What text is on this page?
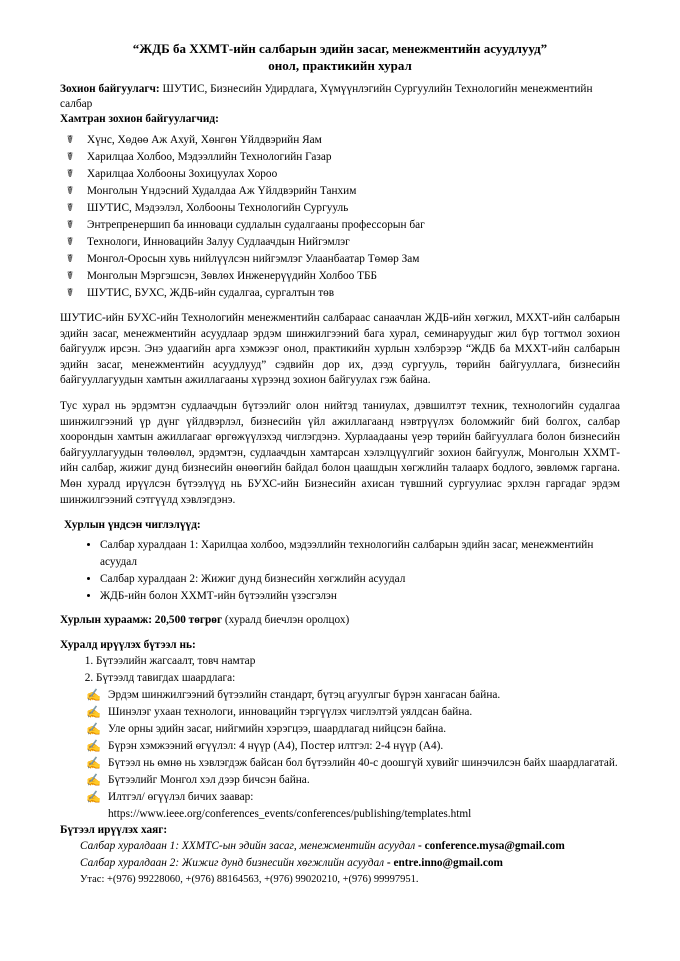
“ЖДБ ба ХХМТ-ийн салбарын эдийн засаг, менежментийн асуудлууд”
онол, практикийн хурал

Зохион байгуулагч: ШУТИС, Бизнесийн Удирдлага, Хүмүүнлэгийн Сургуулийн Технологийн менежментийн салбар

Хамтран зохион байгуулагчид:
☤	Хүнс, Хөдөө Аж Ахуй, Хөнгөн Үйлдвэрийн Яам
☤	Харилцаа Холбоо, Мэдээллийн Технологийн Газар
☤	Харилцаа Холбооны Зохицуулах Хороо
☤	Монголын Үндэсний Худалдаа Аж Үйлдвэрийн Танхим
☤	ШУТИС, Мэдээлэл, Холбооны Технологийн Сургууль
☤	Энтрепренершип ба инноваци судлалын судалгааны профессорын баг
☤	Технологи, Инновацийн Залуу Судлаачдын Нийгэмлэг
☤	Монгол-Оросын хувь нийлүүлсэн нийгэмлэг Улаанбаатар Төмөр Зам
☤	Монголын Мэргэшсэн, Зөвлөх Инженерүүдийн Холбоо ТББ
☤	ШУТИС, БУХС, ЖДБ-ийн судалгаа, сургалтын төв

ШУТИС-ийн БУХС-ийн Технологийн менежментийн салбараас санаачлан ЖДБ-ийн хөгжил, МХХТ-ийн салбарын эдийн засаг, менежментийн асуудлаар эрдэм шинжилгээний бага хурал, семинаруудыг жил бүр тогтмол зохион байгуулж ирсэн. Энэ удаагийн арга хэмжээг онол, практикийн хурлын хэлбэрээр “ЖДБ ба МХХТ-ийн салбарын эдийн засаг, менежментийн асуудлууд” сэдвийн дор их, дээд сургууль, төрийн байгууллага, бизнесийн байгууллагуудын хамтын ажиллагааны хүрээнд зохион байгуулах гэж байна.

Тус хурал нь эрдэмтэн судлаачдын бүтээлийг олон нийтэд таниулах, дэвшилтэт техник, технологийн судалгаа шинжилгээний үр дүнг үйлдвэрлэл, бизнесийн үйл ажиллагаанд нэвтрүүлэх боломжийг бий болгох, салбар хоорондын хамтын ажиллагааг өргөжүүлэхэд чиглэгдэнэ. Хурлаадааны үеэр төрийн байгууллага болон бизнесийн байгууллагуудын төлөөлөл, эрдэмтэн, судлаачдын хамтарсан хэлэлцүүлгийг зохион байгуулж, Монголын ХХМТ-ийн салбар, жижиг дунд бизнесийн өнөөгийн байдал болон цаашдын хөгжлийн талаарх бодлого, зөвлөмж гаргана. Мөн хуралд ирүүлсэн бүтээлүүд нь БУХС-ийн Бизнесийн ахисан түвшний сургуулиас эрхлэн гаргадаг эрдэм шинжилгээний сэтгүүлд хэвлэгдэнэ.

Хурлын үндсэн чиглэлүүд:
• Салбар хуралдаан 1: Харилцаа холбоо, мэдээллийн технологийн салбарын эдийн засаг, менежментийн асуудал
• Салбар хуралдаан 2: Жижиг дунд бизнесийн хөгжлийн асуудал
• ЖДБ-ийн болон ХХМТ-ийн бүтээлийн үзэсгэлэн

Хурлын хураамж: 20,500 төгрөг (хуралд биечлэн оролцох)

Хуралд ирүүлэх бүтээл нь:
1. Бүтээлийн жагсаалт, товч намтар
2. Бүтээлд тавигдах шаардлага:
✍ Эрдэм шинжилгээний бүтээлийн стандарт, бүтэц агуулгыг бүрэн хангасан байна.
✍ Шинэлэг ухаан технологи, инновацийн тэргүүлэх чиглэлтэй уялдсан байна.
✍ Уле орны эдийн засаг, нийгмийн хэрэгцээ, шаардлагад нийцсэн байна.
✍ Бүрэн хэмжээний өгүүлэл: 4 нүүр (A4), Постер илтгэл: 2-4 нүүр (A4).
✍ Бүтээл нь өмнө нь хэвлэгдэж байсан бол бүтээлийн 40-с доошгүй хувийг шинэчилсэн байх шаардлагатай.
✍ Бүтээлийг Монгол хэл дээр бичсэн байна.
✍ Илтгэл/ өгүүлэл бичих заавар:
https://www.ieee.org/conferences_events/conferences/publishing/templates.html
Бүтээл ирүүлэх хаяг:
Салбар хуралдаан 1: ХХМТС-ын эдийн засаг, менежментийн асуудал - conference.mysa@gmail.com
Салбар хуралдаан 2: Жижиг дунд бизнесийн хөгжлийн асуудал - entre.inno@gmail.com
Утас: +(976) 99228060, +(976) 88164563, +(976) 99020210, +(976) 99997951.
